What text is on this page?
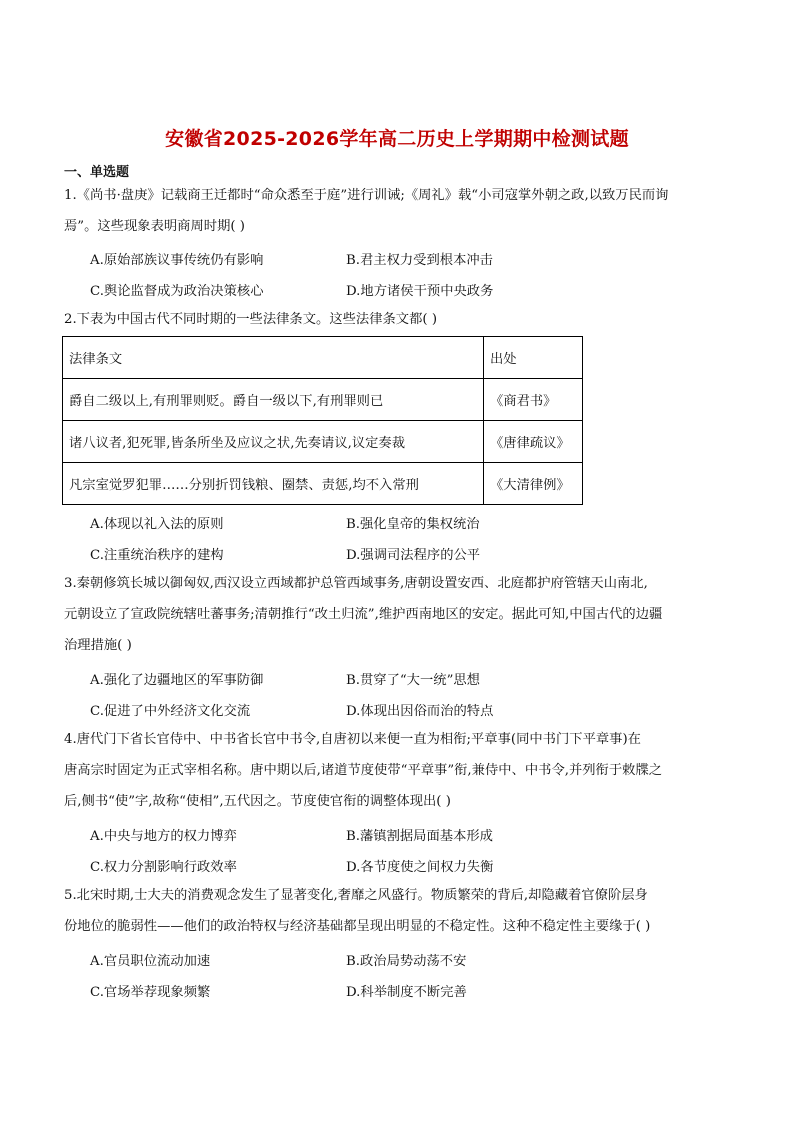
安徽省2025-2026学年高二历史上学期期中检测试题
一、单选题
1.《尚书·盘庚》记载商王迁都时“命众悉至于庭”进行训诫;《周礼》载“小司寇掌外朝之政,以致万民而询
焉”。这些现象表明商周时期( )
A.原始部族议事传统仍有影响	B.君主权力受到根本冲击
C.舆论监督成为政治决策核心	D.地方诸侯干预中央政务
2.下表为中国古代不同时期的一些法律条文。这些法律条文都( )
法律条文	出处
爵自二级以上,有刑罪则贬。爵自一级以下,有刑罪则已	《商君书》
诸八议者,犯死罪,皆条所坐及应议之状,先奏请议,议定奏裁	《唐律疏议》
凡宗室觉罗犯罪……分别折罚钱粮、圈禁、责惩,均不入常刑	《大清律例》
A.体现以礼入法的原则	B.强化皇帝的集权统治
C.注重统治秩序的建构	D.强调司法程序的公平
3.秦朝修筑长城以御匈奴,西汉设立西域都护总管西域事务,唐朝设置安西、北庭都护府管辖天山南北,
元朝设立了宣政院统辖吐蕃事务;清朝推行“改土归流”,维护西南地区的安定。据此可知,中国古代的边疆
治理措施( )
A.强化了边疆地区的军事防御	B.贯穿了“大一统”思想
C.促进了中外经济文化交流	D.体现出因俗而治的特点
4.唐代门下省长官侍中、中书省长官中书令,自唐初以来便一直为相衔;平章事(同中书门下平章事)在
唐高宗时固定为正式宰相名称。唐中期以后,诸道节度使带“平章事”衔,兼侍中、中书令,并列衔于敕牒之
后,侧书“使”字,故称“使相”,五代因之。节度使官衔的调整体现出( )
A.中央与地方的权力博弈	B.藩镇割据局面基本形成
C.权力分割影响行政效率	D.各节度使之间权力失衡
5.北宋时期,士大夫的消费观念发生了显著变化,奢靡之风盛行。物质繁荣的背后,却隐藏着官僚阶层身
份地位的脆弱性——他们的政治特权与经济基础都呈现出明显的不稳定性。这种不稳定性主要缘于( )
A.官员职位流动加速	B.政治局势动荡不安
C.官场举荐现象频繁	D.科举制度不断完善
